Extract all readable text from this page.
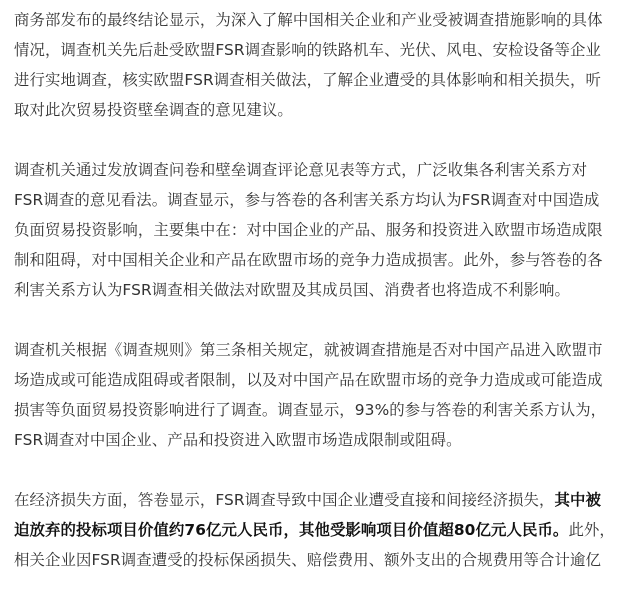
商务部发布的最终结论显示，为深入了解中国相关企业和产业受被调查措施影响的具体
情况，调查机关先后赴受欧盟FSR调查影响的铁路机车、光伏、风电、安检设备等企业
进行实地调查，核实欧盟FSR调查相关做法，了解企业遭受的具体影响和相关损失，听
取对此次贸易投资壁垒调查的意见建议。

调查机关通过发放调查问卷和壁垒调查评论意见表等方式，广泛收集各利害关系方对
FSR调查的意见看法。调查显示，参与答卷的各利害关系方均认为FSR调查对中国造成
负面贸易投资影响，主要集中在：对中国企业的产品、服务和投资进入欧盟市场造成限
制和阻碍，对中国相关企业和产品在欧盟市场的竞争力造成损害。此外，参与答卷的各
利害关系方认为FSR调查相关做法对欧盟及其成员国、消费者也将造成不利影响。

调查机关根据《调查规则》第三条相关规定，就被调查措施是否对中国产品进入欧盟市
场造成或可能造成阻碍或者限制，以及对中国产品在欧盟市场的竞争力造成或可能造成
损害等负面贸易投资影响进行了调查。调查显示，93%的参与答卷的利害关系方认为，
FSR调查对中国企业、产品和投资进入欧盟市场造成限制或阻碍。

在经济损失方面，答卷显示，FSR调查导致中国企业遭受直接和间接经济损失，其中被
迫放弃的投标项目价值约76亿元人民币，其他受影响项目价值超80亿元人民币。此外，
相关企业因FSR调查遭受的投标保函损失、赔偿费用、额外支出的合规费用等合计逾亿
